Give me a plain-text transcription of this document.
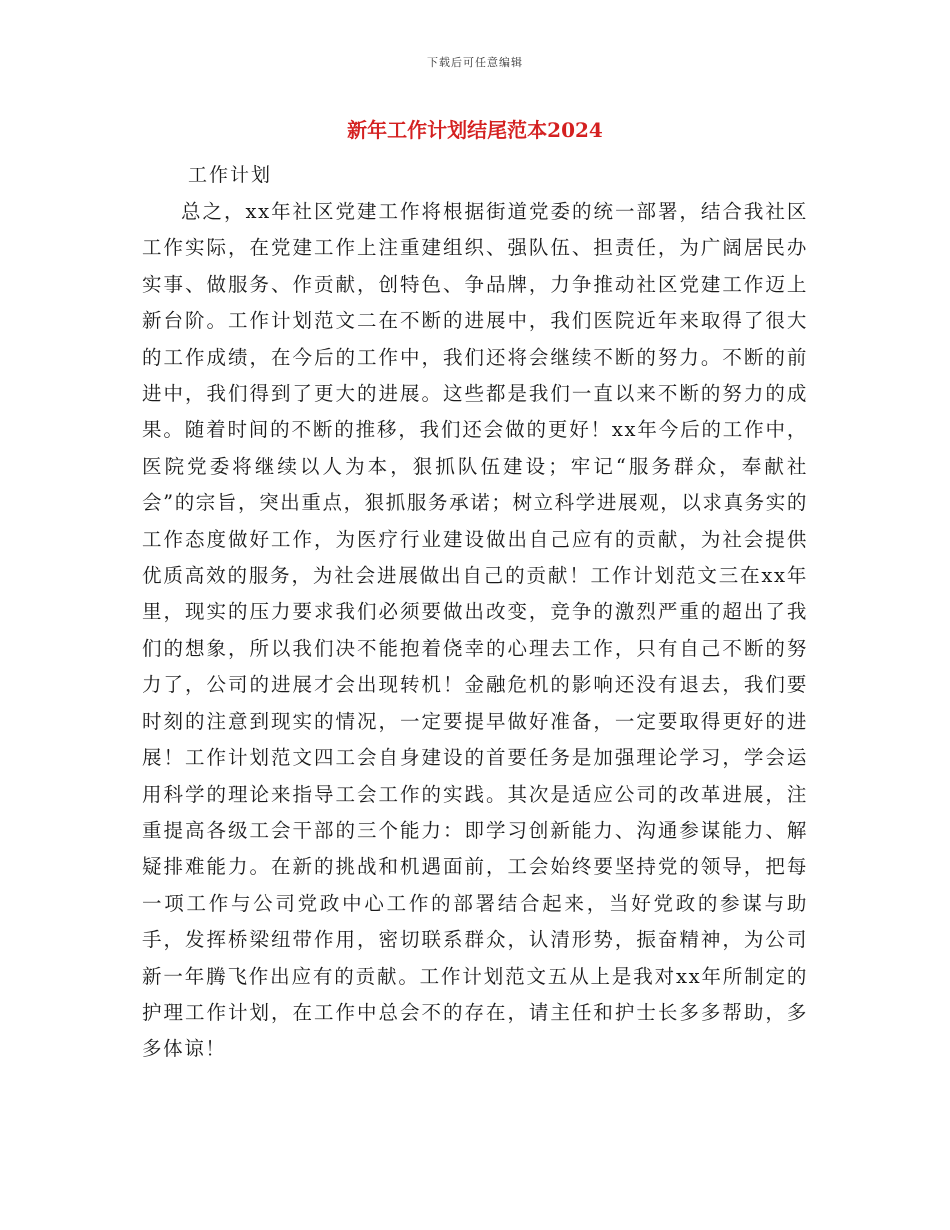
下载后可任意编辑
新年工作计划结尾范本2024
工作计划

总之，xx年社区党建工作将根据街道党委的统一部署，结合我社区工作实际，在党建工作上注重建组织、强队伍、担责任，为广阔居民办实事、做服务、作贡献，创特色、争品牌，力争推动社区党建工作迈上新台阶。工作计划范文二在不断的进展中，我们医院近年来取得了很大的工作成绩，在今后的工作中，我们还将会继续不断的努力。不断的前进中，我们得到了更大的进展。这些都是我们一直以来不断的努力的成果。随着时间的不断的推移，我们还会做的更好！xx年今后的工作中，医院党委将继续以人为本，狠抓队伍建设；牢记“服务群众，奉献社会”的宗旨，突出重点，狠抓服务承诺；树立科学进展观，以求真务实的工作态度做好工作，为医疗行业建设做出自己应有的贡献，为社会提供优质高效的服务，为社会进展做出自己的贡献！工作计划范文三在xx年里，现实的压力要求我们必须要做出改变，竞争的激烈严重的超出了我们的想象，所以我们决不能抱着侥幸的心理去工作，只有自己不断的努力了，公司的进展才会出现转机！金融危机的影响还没有退去，我们要时刻的注意到现实的情况，一定要提早做好准备，一定要取得更好的进展！工作计划范文四工会自身建设的首要任务是加强理论学习，学会运用科学的理论来指导工会工作的实践。其次是适应公司的改革进展，注重提高各级工会干部的三个能力：即学习创新能力、沟通参谋能力、解疑排难能力。在新的挑战和机遇面前，工会始终要坚持党的领导，把每一项工作与公司党政中心工作的部署结合起来，当好党政的参谋与助手，发挥桥梁纽带作用，密切联系群众，认清形势，振奋精神，为公司新一年腾飞作出应有的贡献。工作计划范文五从上是我对xx年所制定的护理工作计划，在工作中总会不的存在，请主任和护士长多多帮助，多多体谅！
